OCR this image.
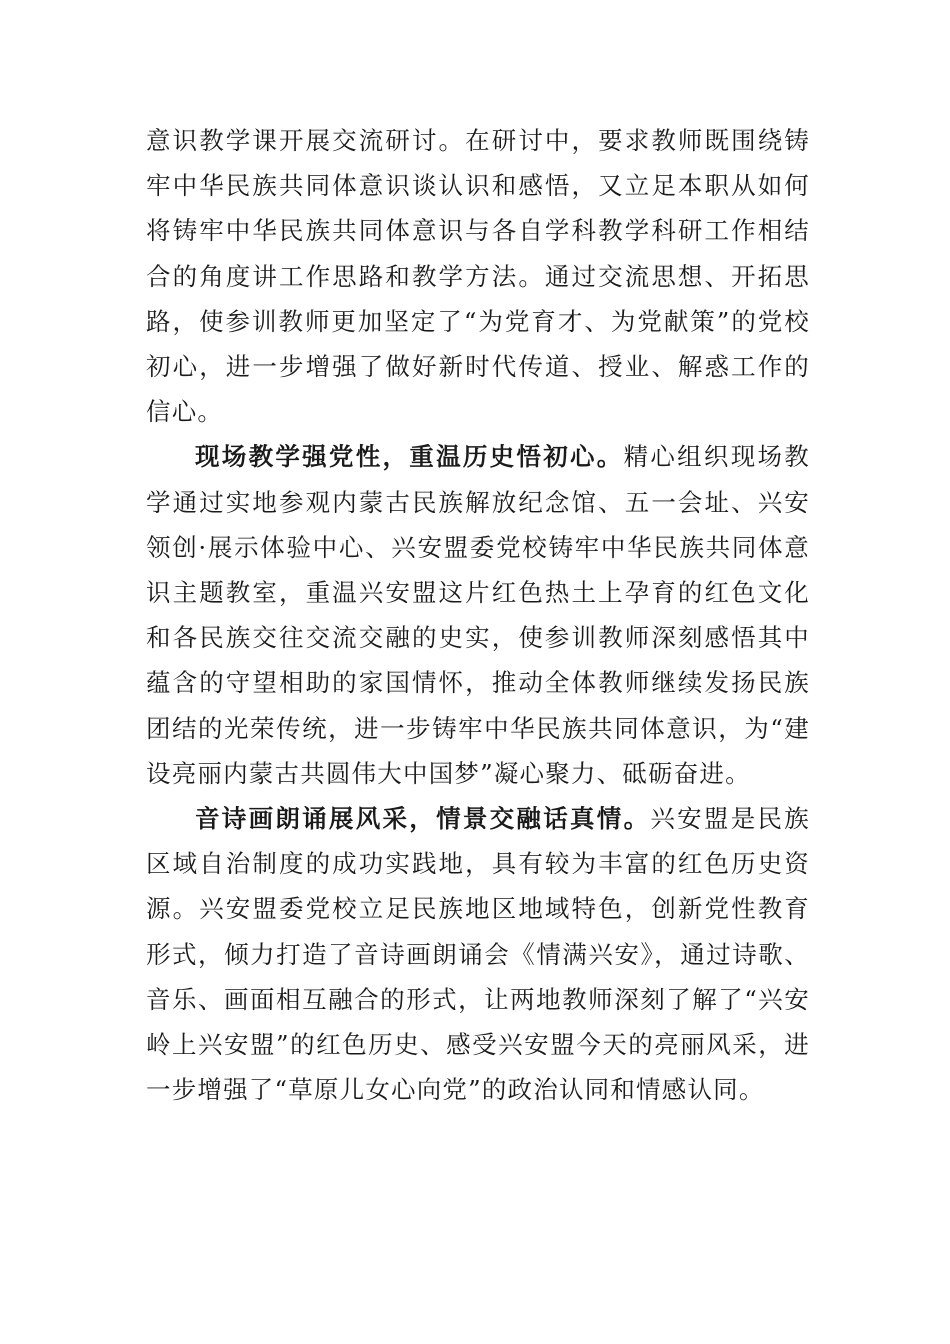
意识教学课开展交流研讨。在研讨中，要求教师既围绕铸牢中华民族共同体意识谈认识和感悟，又立足本职从如何将铸牢中华民族共同体意识与各自学科教学科研工作相结合的角度讲工作思路和教学方法。通过交流思想、开拓思路，使参训教师更加坚定了“为党育才、为党献策”的党校初心，进一步增强了做好新时代传道、授业、解惑工作的信心。

现场教学强党性，重温历史悟初心。精心组织现场教学通过实地参观内蒙古民族解放纪念馆、五一会址、兴安领创·展示体验中心、兴安盟委党校铸牢中华民族共同体意识主题教室，重温兴安盟这片红色热土上孕育的红色文化和各民族交往交流交融的史实，使参训教师深刻感悟其中蕴含的守望相助的家国情怀，推动全体教师继续发扬民族团结的光荣传统，进一步铸牢中华民族共同体意识，为“建设亮丽内蒙古共圆伟大中国梦”凝心聚力、砥砺奋进。

音诗画朗诵展风采，情景交融话真情。兴安盟是民族区域自治制度的成功实践地，具有较为丰富的红色历史资源。兴安盟委党校立足民族地区地域特色，创新党性教育形式，倾力打造了音诗画朗诵会《情满兴安》，通过诗歌、音乐、画面相互融合的形式，让两地教师深刻了解了“兴安岭上兴安盟”的红色历史、感受兴安盟今天的亮丽风采，进一步增强了“草原儿女心向党”的政治认同和情感认同。
